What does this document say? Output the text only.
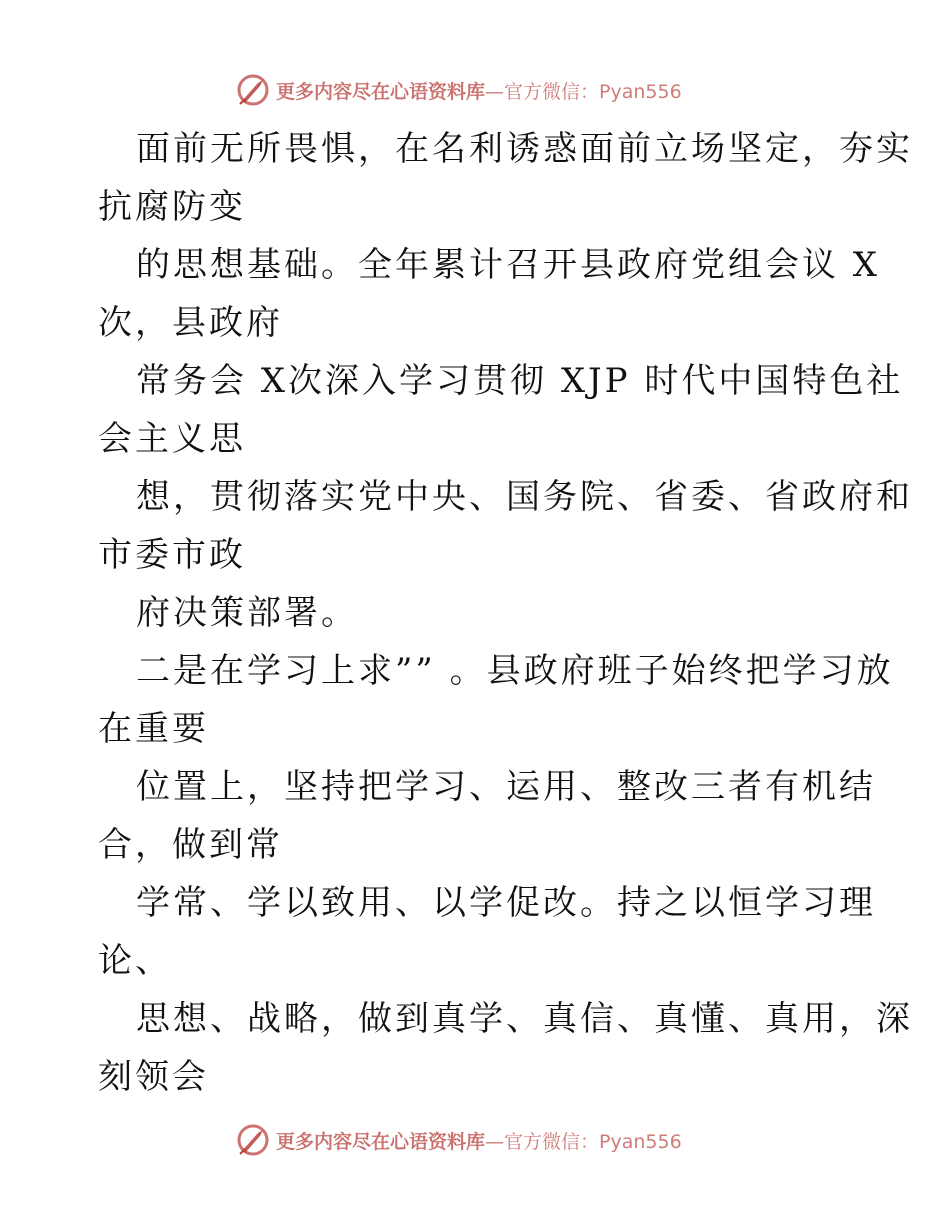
更多内容尽在心语资料库—官方微信：Pyan556
面前无所畏惧，在名利诱惑面前立场坚定，夯实
抗腐防变
的思想基础。全年累计召开县政府党组会议 X
次，县政府
常务会 X次深入学习贯彻 XJP 时代中国特色社
会主义思
想，贯彻落实党中央、国务院、省委、省政府和
市委市政
府决策部署。
二是在学习上求”” 。县政府班子始终把学习放
在重要
位置上，坚持把学习、运用、整改三者有机结
合，做到常
学常、学以致用、以学促改。持之以恒学习理
论、
思想、战略，做到真学、真信、真懂、真用，深
刻领会
更多内容尽在心语资料库—官方微信：Pyan556
